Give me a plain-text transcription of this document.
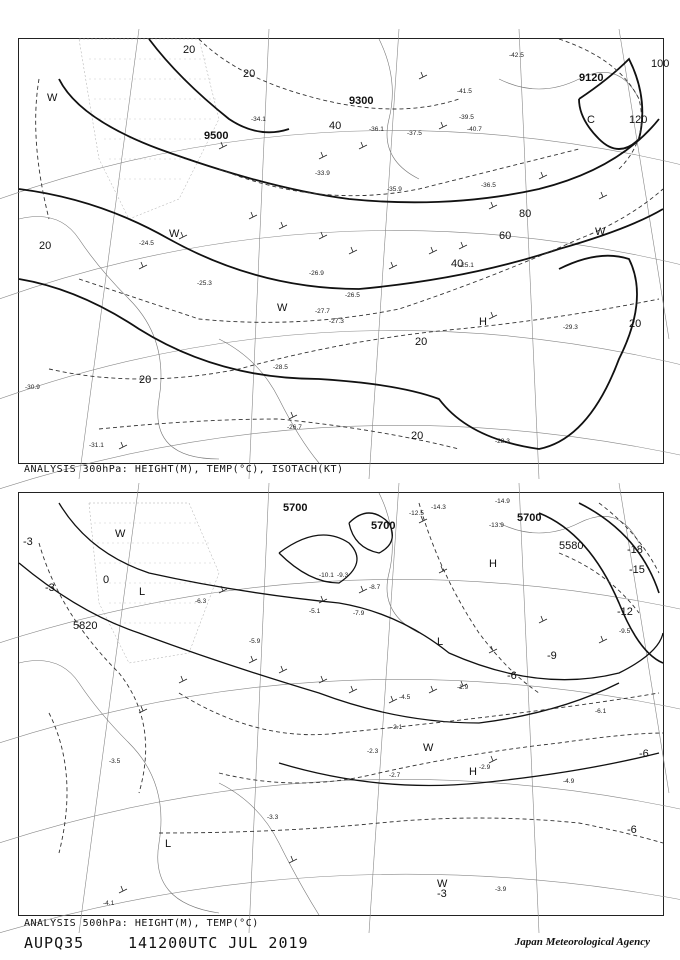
9500
9300
9120
20
20
40
60
80
100
120
20
20
20
20
40
20
W
C
W
W
W
H
-37.5
-36.1
-39.5
-40.7
-41.5
-42.5
-34.1
-33.9
-35.9
-36.5
-24.5
-25.3
-26.9
-27.3
-27.7
-28.5
-26.5
-29.3
-28.3
-31.1
-30.9
-26.7
-25.1
ANALYSIS 300hPa: HEIGHT(M), TEMP(°C), ISOTACH(KT)
5700
5700
5700
5820
5580
-3
-3
0
-6
-9
-12
-15
-18
-6
-6
-3
W
L
L
H
L
W
H
W
-10.1 -9.3
-14.3
-13.9
-14.9
-12.5
-8.7
-7.9
-5.1
-4.5
-2.1
-1.9
-2.3
-2.7
-2.9
-4.9
-3.9
-3.3
-5.9
-6.3
-9.5
-6.1
-3.5
-4.1
ANALYSIS 500hPa: HEIGHT(M), TEMP(°C)
AUPQ35	141200UTC JUL 2019	Japan Meteorological Agency
